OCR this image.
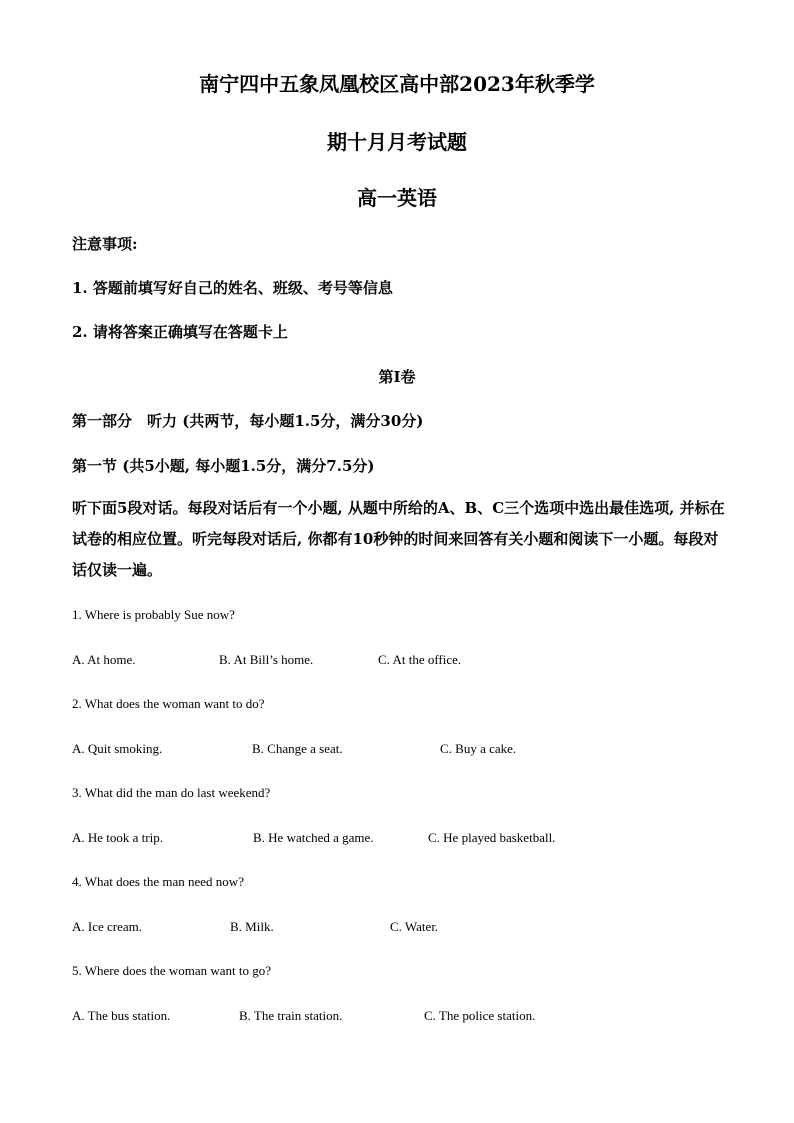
南宁四中五象凤凰校区高中部2023年秋季学
期十月月考试题
高一英语
注意事项:
1. 答题前填写好自己的姓名、班级、考号等信息
2. 请将答案正确填写在答题卡上
第I卷
第一部分　听力 (共两节，每小题1.5分，满分30分)
第一节 (共5小题, 每小题1.5分，满分7.5分)
听下面5段对话。每段对话后有一个小题, 从题中所给的A、B、C三个选项中选出最佳选项, 并标在试卷的相应位置。听完每段对话后, 你都有10秒钟的时间来回答有关小题和阅读下一小题。每段对话仅读一遍。
1. Where is probably Sue now?
A. At home.	B. At Bill’s home.	C. At the office.
2. What does the woman want to do?
A. Quit smoking.	B. Change a seat.	C. Buy a cake.
3. What did the man do last weekend?
A. He took a trip.	B. He watched a game.	C. He played basketball.
4. What does the man need now?
A. Ice cream.	B. Milk.	C. Water.
5. Where does the woman want to go?
A. The bus station.	B. The train station.	C. The police station.
